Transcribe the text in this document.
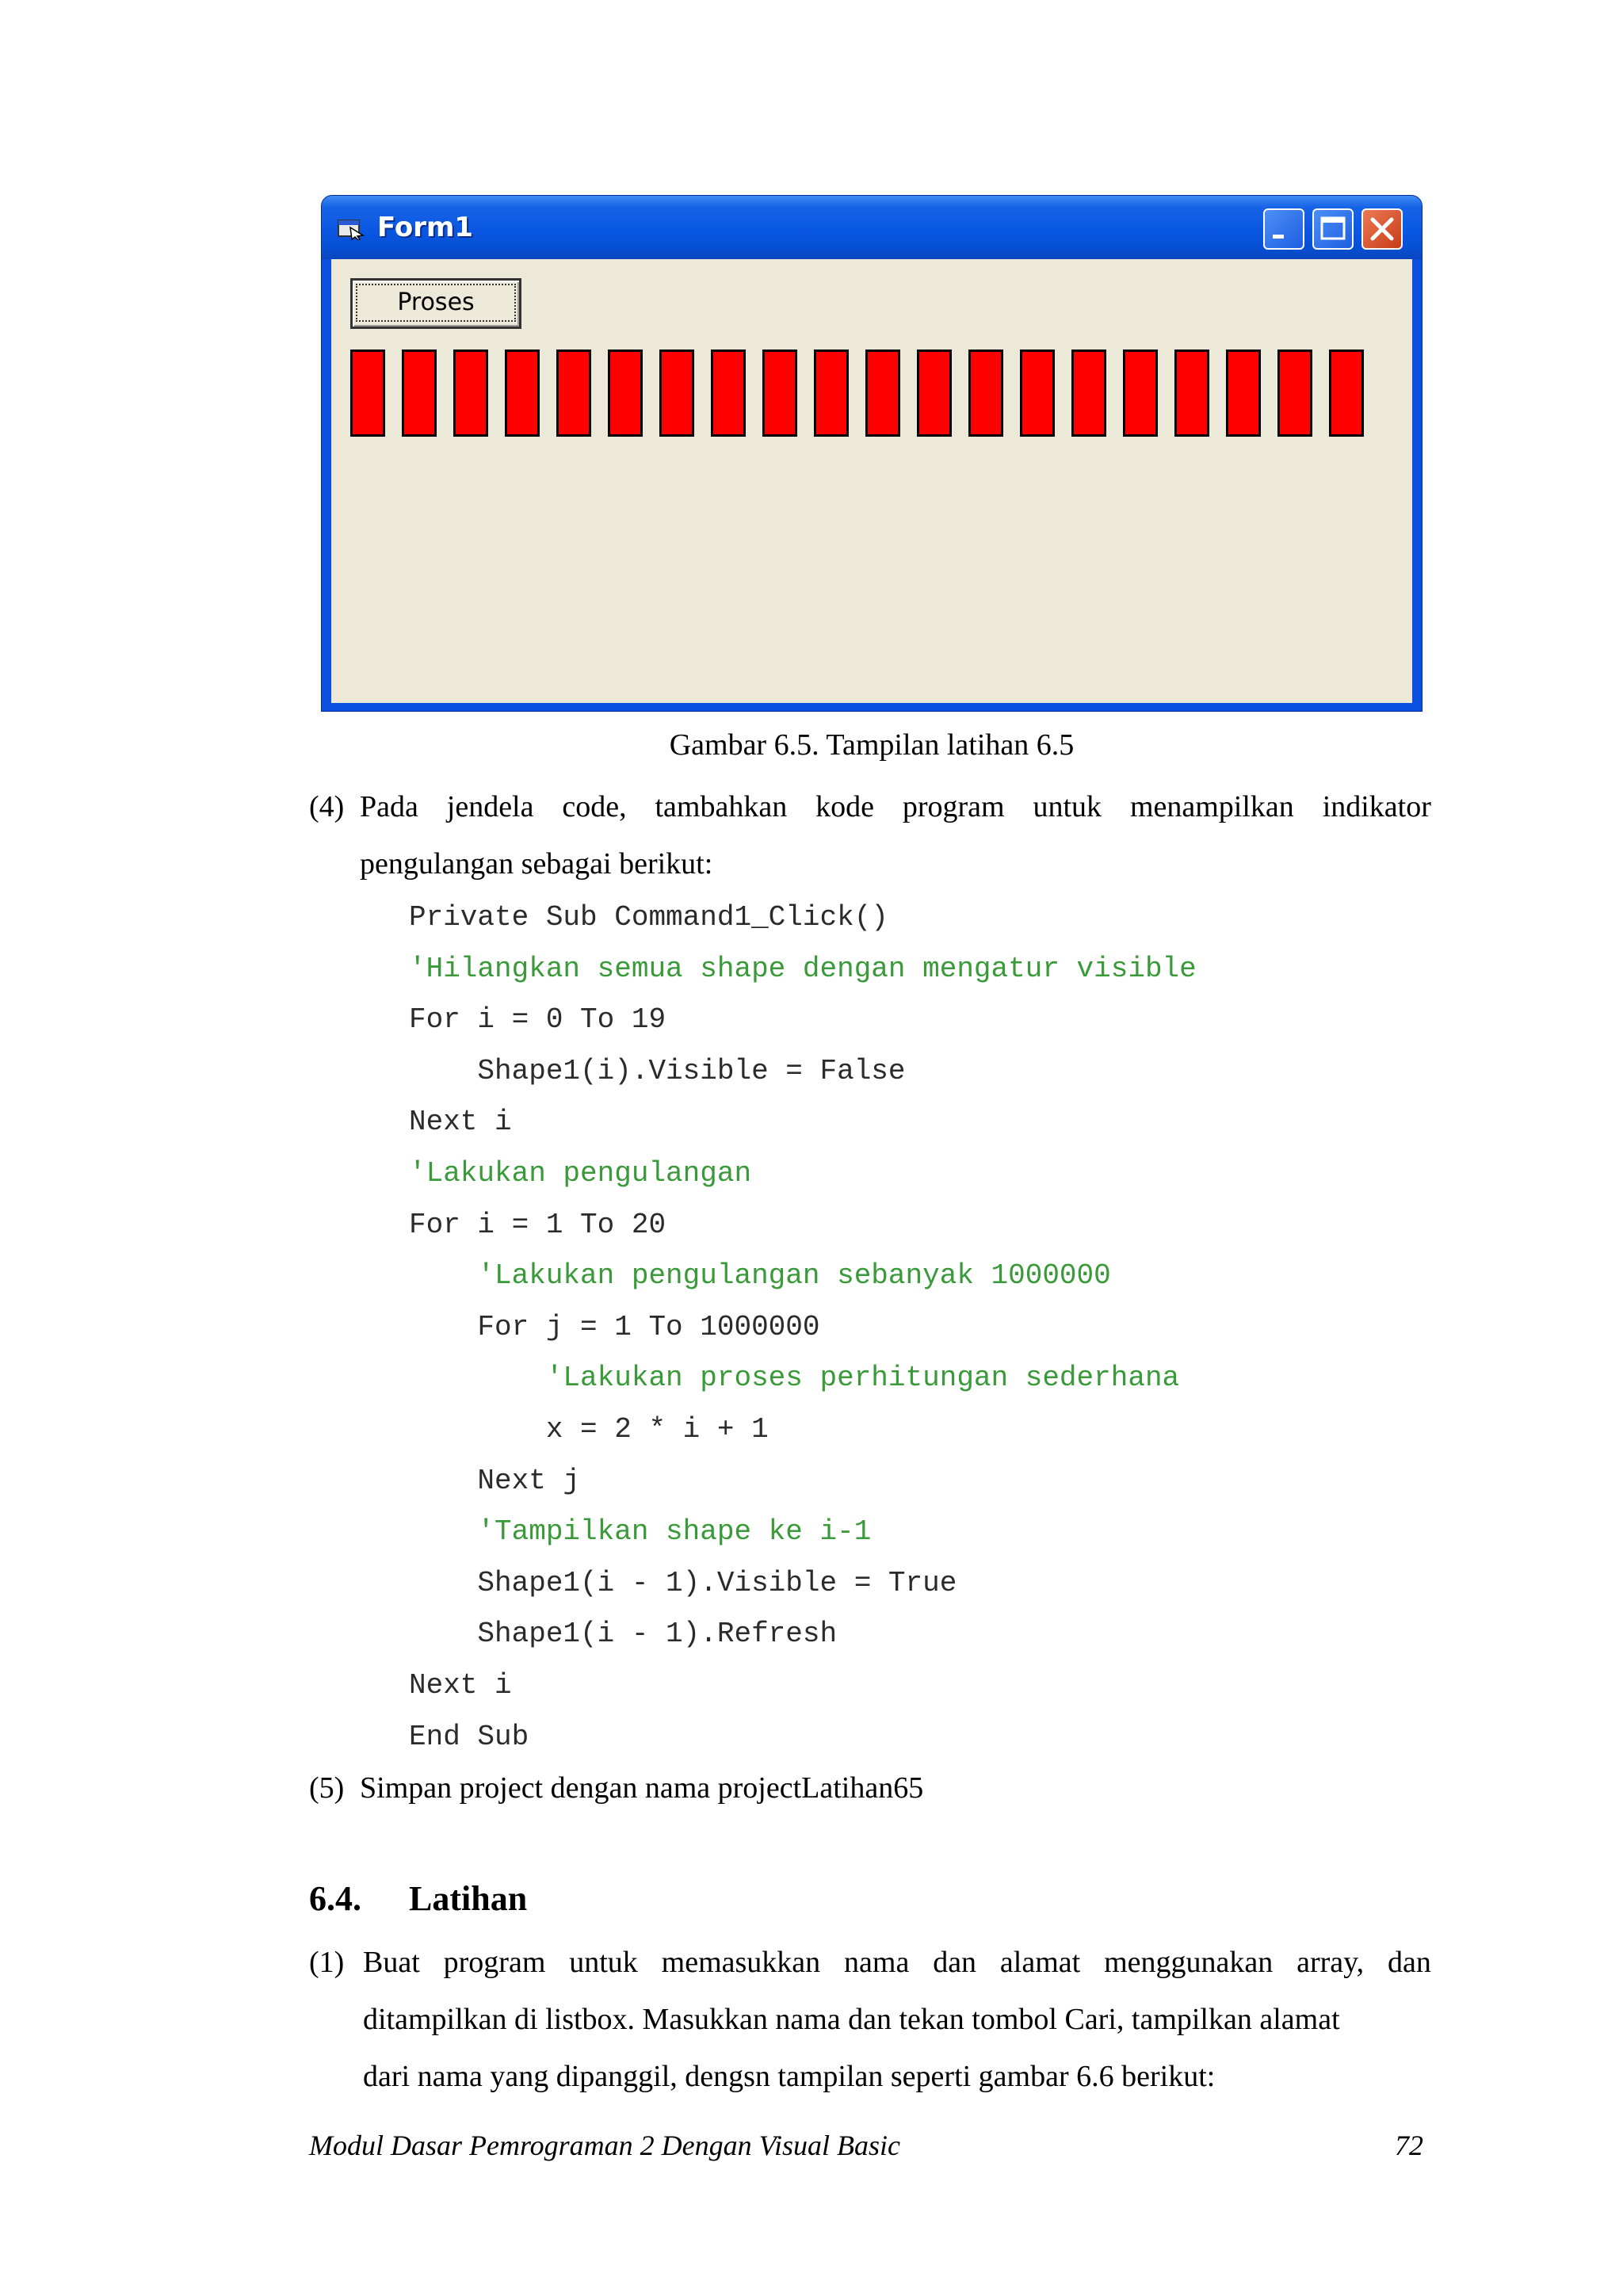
Form1
Proses
Gambar 6.5. Tampilan latihan 6.5
(4) Pada jendela code, tambahkan kode program untuk menampilkan indikator
pengulangan sebagai berikut:
Private Sub Command1_Click()
'Hilangkan semua shape dengan mengatur visible
For i = 0 To 19
Shape1(i).Visible = False
Next i
'Lakukan pengulangan
For i = 1 To 20
'Lakukan pengulangan sebanyak 1000000
For j = 1 To 1000000
'Lakukan proses perhitungan sederhana
x = 2 * i + 1
Next j
'Tampilkan shape ke i-1
Shape1(i - 1).Visible = True
Shape1(i - 1).Refresh
Next i
End Sub
(5) Simpan project dengan nama projectLatihan65
6.4. Latihan
(1) Buat program untuk memasukkan nama dan alamat menggunakan array, dan
ditampilkan di listbox. Masukkan nama dan tekan tombol Cari, tampilkan alamat
dari nama yang dipanggil, dengsn tampilan seperti gambar 6.6 berikut:
Modul Dasar Pemrograman 2 Dengan Visual Basic	72
